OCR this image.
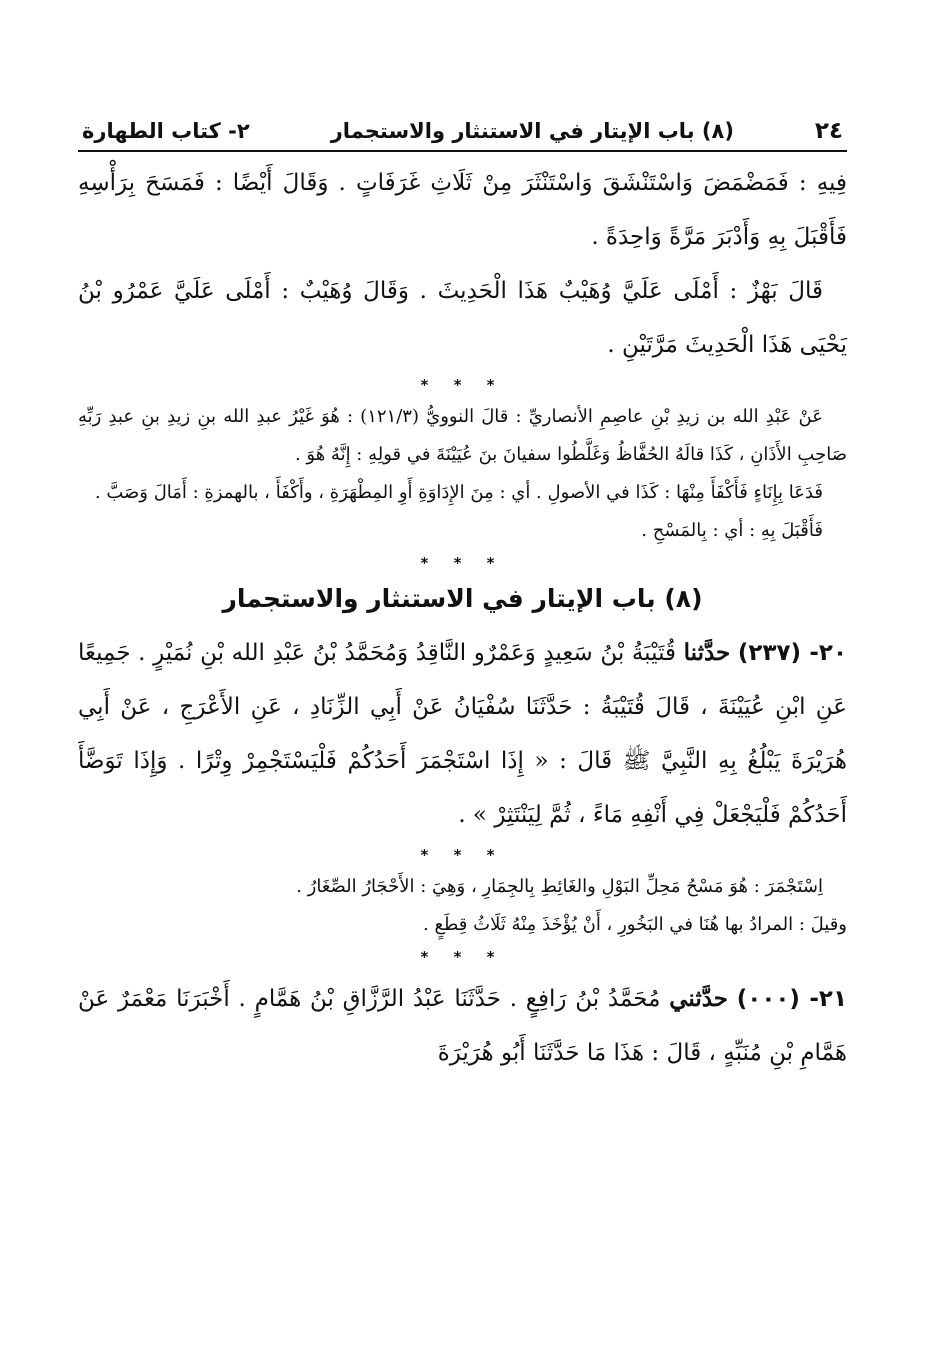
٢٤
(٨) باب الإيتار في الاستنثار والاستجمار
٢- كتاب الطهارة

فِيهِ : فَمَضْمَضَ وَاسْتَنْشَقَ وَاسْتَنْثَرَ مِنْ ثَلَاثِ غَرَفَاتٍ . وَقَالَ أَيْضًا : فَمَسَحَ بِرَأْسِهِ فَأَقْبَلَ بِهِ وَأَدْبَرَ مَرَّةً وَاحِدَةً .

قَالَ بَهْزٌ : أَمْلَى عَلَيَّ وُهَيْبٌ هَذَا الْحَدِيثَ . وَقَالَ وُهَيْبٌ : أَمْلَى عَلَيَّ عَمْرُو بْنُ يَحْيَى هَذَا الْحَدِيثَ مَرَّتَيْنِ .

* * *

عَنْ عَبْدِ الله بن زيدِ بْنِ عاصِمِ الأنصاريِّ : قالَ النوويُّ (١٢١/٣) : هُوَ غَيْرُ عبدِ الله بنِ زيدِ بنِ عبدِ رَبِّهِ صَاحِبِ الأَذَانِ ، كَذَا قالَهُ الحُفَّاظُ وَغَلَّطُوا سفيانَ بنَ عُيَيْنَةَ في قولِهِ : إِنَّهُ هُوَ .

فَدَعَا بِإِنَاءٍ فَأَكْفَأَ مِنْهَا : كَذَا في الأصولِ . أي : مِنَ الإِدَاوَةِ أَوِ المِطْهَرَةِ ، وأَكْفَأَ ، بالهمزةِ : أَمَالَ وَصَبَّ .

فَأَقْبَلَ بِهِ : أي : بِالمَسْحِ .

* * *
(٨) باب الإيتار في الاستنثار والاستجمار

٢٠- (٢٣٧) حدَّثنا قُتَيْبَةُ بْنُ سَعِيدٍ وَعَمْرٌو النَّاقِدُ وَمُحَمَّدُ بْنُ عَبْدِ الله بْنِ نُمَيْرٍ . جَمِيعًا عَنِ ابْنِ عُيَيْنَةَ ، قَالَ قُتَيْبَةُ : حَدَّثَنَا سُفْيَانُ عَنْ أَبِي الزِّنَادِ ، عَنِ الأَعْرَجِ ، عَنْ أَبِي هُرَيْرَةَ يَبْلُغُ بِهِ النَّبِيَّ ﷺ قَالَ : « إِذَا اسْتَجْمَرَ أَحَدُكُمْ فَلْيَسْتَجْمِرْ وِتْرًا . وَإِذَا تَوَضَّأَ أَحَدُكُمْ فَلْيَجْعَلْ فِي أَنْفِهِ مَاءً ، ثُمَّ لِيَنْتَثِرْ » .

* * *

اِسْتَجْمَرَ : هُوَ مَسْحُ مَحِلِّ البَوْلِ والغَائِطِ بِالجِمَارِ ، وَهِيَ : الأَحْجَارُ الصِّغَارُ .

وقيلَ : المرادُ بها هُنَا في البَخُورِ ، أَنْ يُؤْخَذَ مِنْهُ ثَلَاثُ قِطَعٍ .

* * *

٢١- (٠٠٠) حدَّثني مُحَمَّدُ بْنُ رَافِعٍ . حَدَّثَنَا عَبْدُ الرَّزَّاقِ بْنُ هَمَّامٍ . أَخْبَرَنَا مَعْمَرٌ عَنْ هَمَّامِ بْنِ مُنَبِّهٍ ، قَالَ : هَذَا مَا حَدَّثَنَا أَبُو هُرَيْرَةَ
